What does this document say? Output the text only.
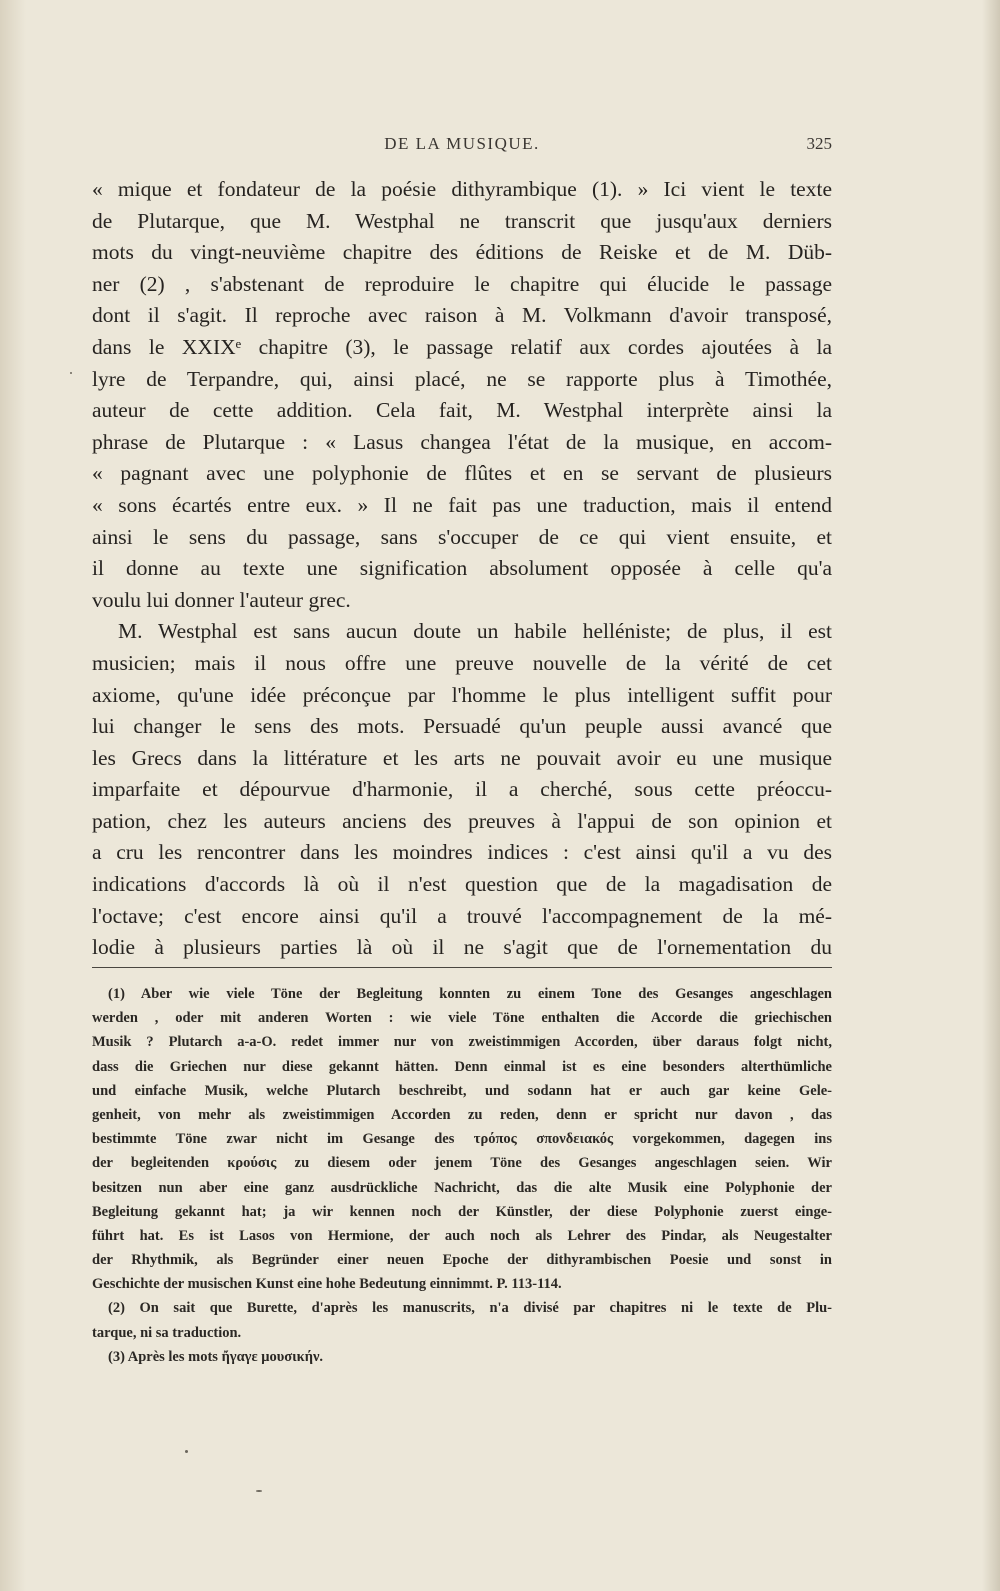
DE LA MUSIQUE.	325
« mique et fondateur de la poésie dithyrambique (1). » Ici vient le texte
de Plutarque, que M. Westphal ne transcrit que jusqu'aux derniers
mots du vingt-neuvième chapitre des éditions de Reiske et de M. Düb-
ner (2) , s'abstenant de reproduire le chapitre qui élucide le passage
dont il s'agit. Il reproche avec raison à M. Volkmann d'avoir transposé,
dans le XXIXᵉ chapitre (3), le passage relatif aux cordes ajoutées à la
lyre de Terpandre, qui, ainsi placé, ne se rapporte plus à Timothée,
auteur de cette addition. Cela fait, M. Westphal interprète ainsi la
phrase de Plutarque : « Lasus changea l'état de la musique, en accom-
« pagnant avec une polyphonie de flûtes et en se servant de plusieurs
« sons écartés entre eux. » Il ne fait pas une traduction, mais il entend
ainsi le sens du passage, sans s'occuper de ce qui vient ensuite, et
il donne au texte une signification absolument opposée à celle qu'a
voulu lui donner l'auteur grec.
M. Westphal est sans aucun doute un habile helléniste; de plus, il est
musicien; mais il nous offre une preuve nouvelle de la vérité de cet
axiome, qu'une idée préconçue par l'homme le plus intelligent suffit pour
lui changer le sens des mots. Persuadé qu'un peuple aussi avancé que
les Grecs dans la littérature et les arts ne pouvait avoir eu une musique
imparfaite et dépourvue d'harmonie, il a cherché, sous cette préoccu-
pation, chez les auteurs anciens des preuves à l'appui de son opinion et
a cru les rencontrer dans les moindres indices : c'est ainsi qu'il a vu des
indications d'accords là où il n'est question que de la magadisation de
l'octave; c'est encore ainsi qu'il a trouvé l'accompagnement de la mé-
lodie à plusieurs parties là où il ne s'agit que de l'ornementation du
(1) Aber wie viele Töne der Begleitung konnten zu einem Tone des Gesanges angeschlagen
werden , oder mit anderen Worten : wie viele Töne enthalten die Accorde die griechischen
Musik ? Plutarch a-a-O. redet immer nur von zweistimmigen Accorden, über daraus folgt nicht,
dass die Griechen nur diese gekannt hätten. Denn einmal ist es eine besonders alterthümliche
und einfache Musik, welche Plutarch beschreibt, und sodann hat er auch gar keine Gele-
genheit, von mehr als zweistimmigen Accorden zu reden, denn er spricht nur davon , das
bestimmte Töne zwar nicht im Gesange des τρόπος σπονδειακός vorgekommen, dagegen ins
der begleitenden κρούσις zu diesem oder jenem Töne des Gesanges angeschlagen seien. Wir
besitzen nun aber eine ganz ausdrückliche Nachricht, das die alte Musik eine Polyphonie der
Begleitung gekannt hat; ja wir kennen noch der Künstler, der diese Polyphonie zuerst einge-
führt hat. Es ist Lasos von Hermione, der auch noch als Lehrer des Pindar, als Neugestalter
der Rhythmik, als Begründer einer neuen Epoche der dithyrambischen Poesie und sonst in
Geschichte der musischen Kunst eine hohe Bedeutung einnimmt. P. 113-114.
(2) On sait que Burette, d'après les manuscrits, n'a divisé par chapitres ni le texte de Plu-
tarque, ni sa traduction.
(3) Après les mots ἤγαγε μουσικήν.
